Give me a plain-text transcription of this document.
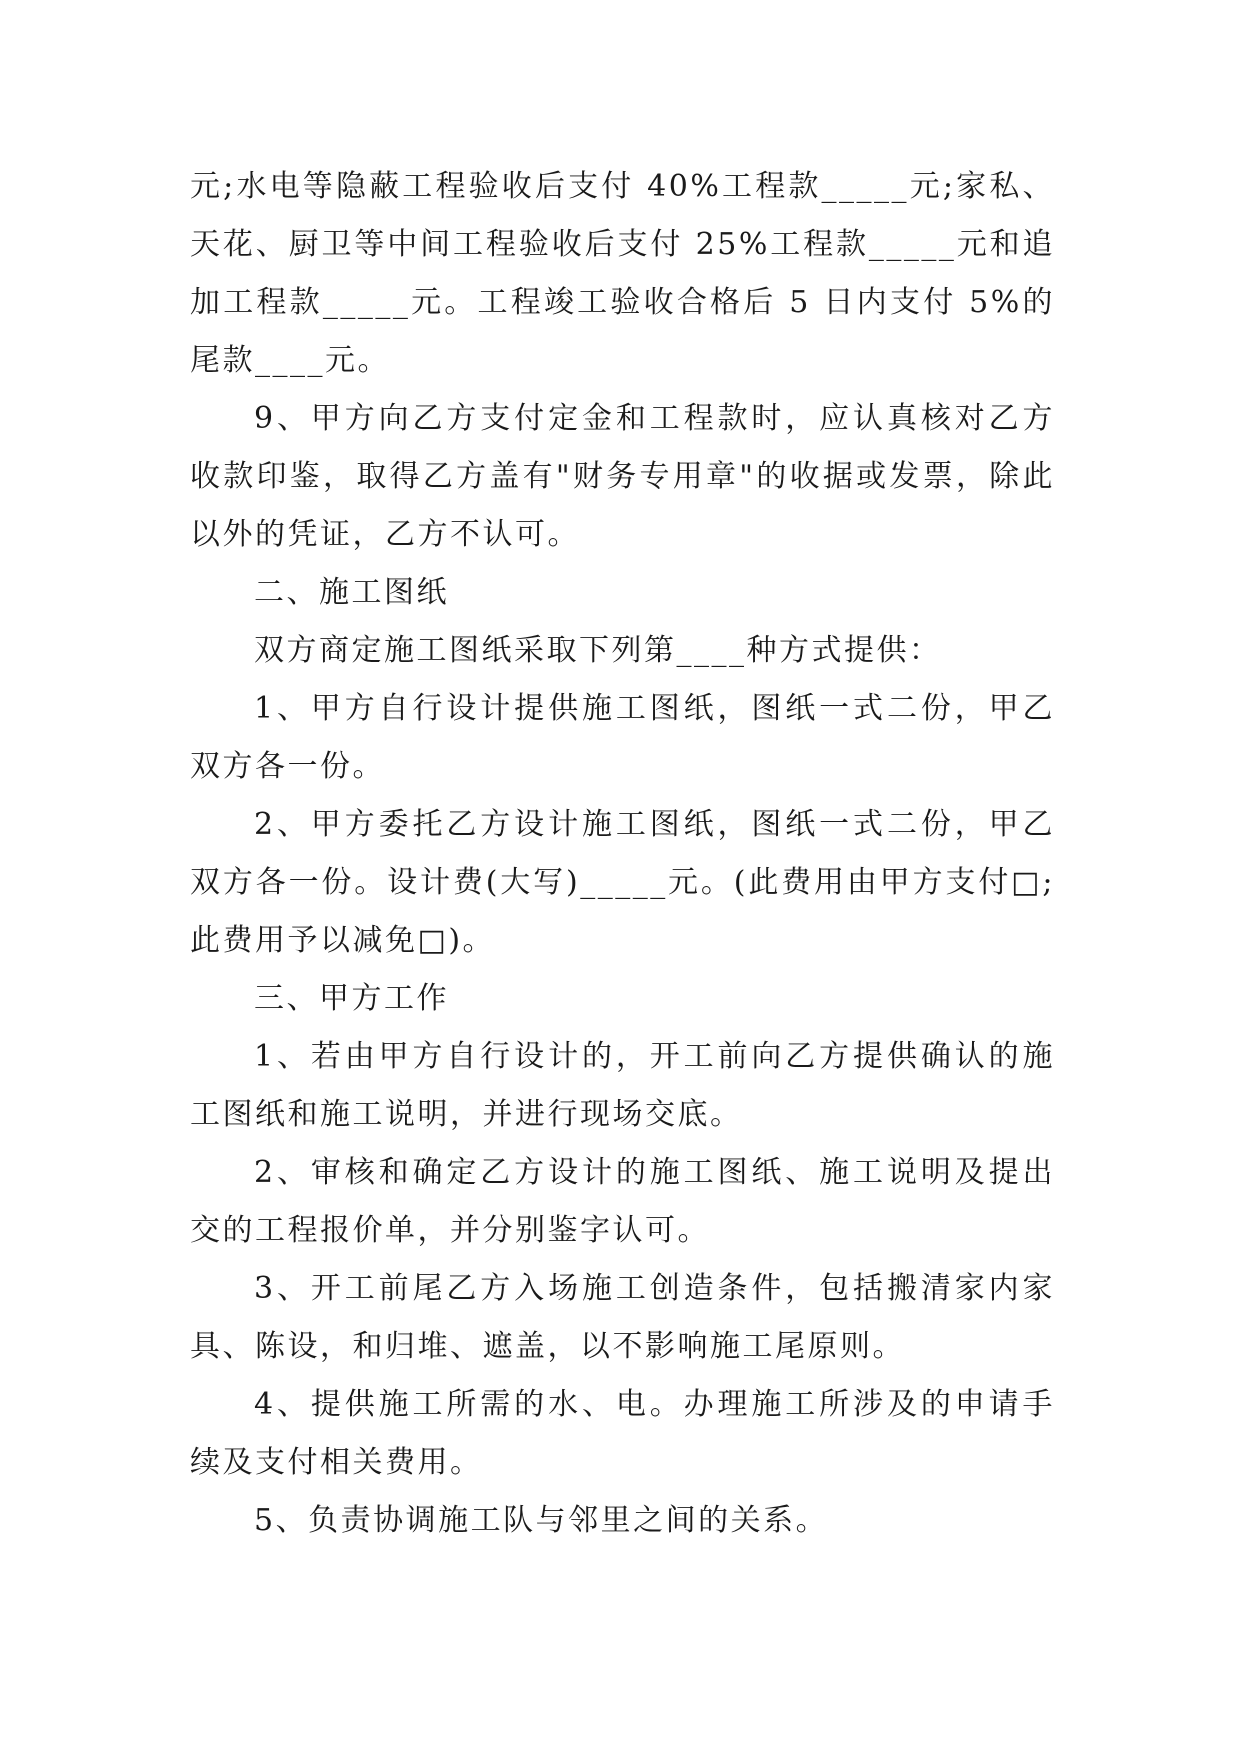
元;水电等隐蔽工程验收后支付 40%工程款_____元;家私、天花、厨卫等中间工程验收后支付 25%工程款_____元和追加工程款_____元。工程竣工验收合格后 5 日内支付 5%的尾款____元。

9、甲方向乙方支付定金和工程款时，应认真核对乙方收款印鉴，取得乙方盖有"财务专用章"的收据或发票，除此以外的凭证，乙方不认可。

二、施工图纸

双方商定施工图纸采取下列第____种方式提供：

1、甲方自行设计提供施工图纸，图纸一式二份，甲乙双方各一份。

2、甲方委托乙方设计施工图纸，图纸一式二份，甲乙双方各一份。设计费(大写)_____元。(此费用由甲方支付□;此费用予以减免□)。

三、甲方工作

1、若由甲方自行设计的，开工前向乙方提供确认的施工图纸和施工说明，并进行现场交底。

2、审核和确定乙方设计的施工图纸、施工说明及提出交的工程报价单，并分别鉴字认可。

3、开工前尾乙方入场施工创造条件，包括搬清家内家具、陈设，和归堆、遮盖，以不影响施工尾原则。

4、提供施工所需的水、电。办理施工所涉及的申请手续及支付相关费用。

5、负责协调施工队与邻里之间的关系。
